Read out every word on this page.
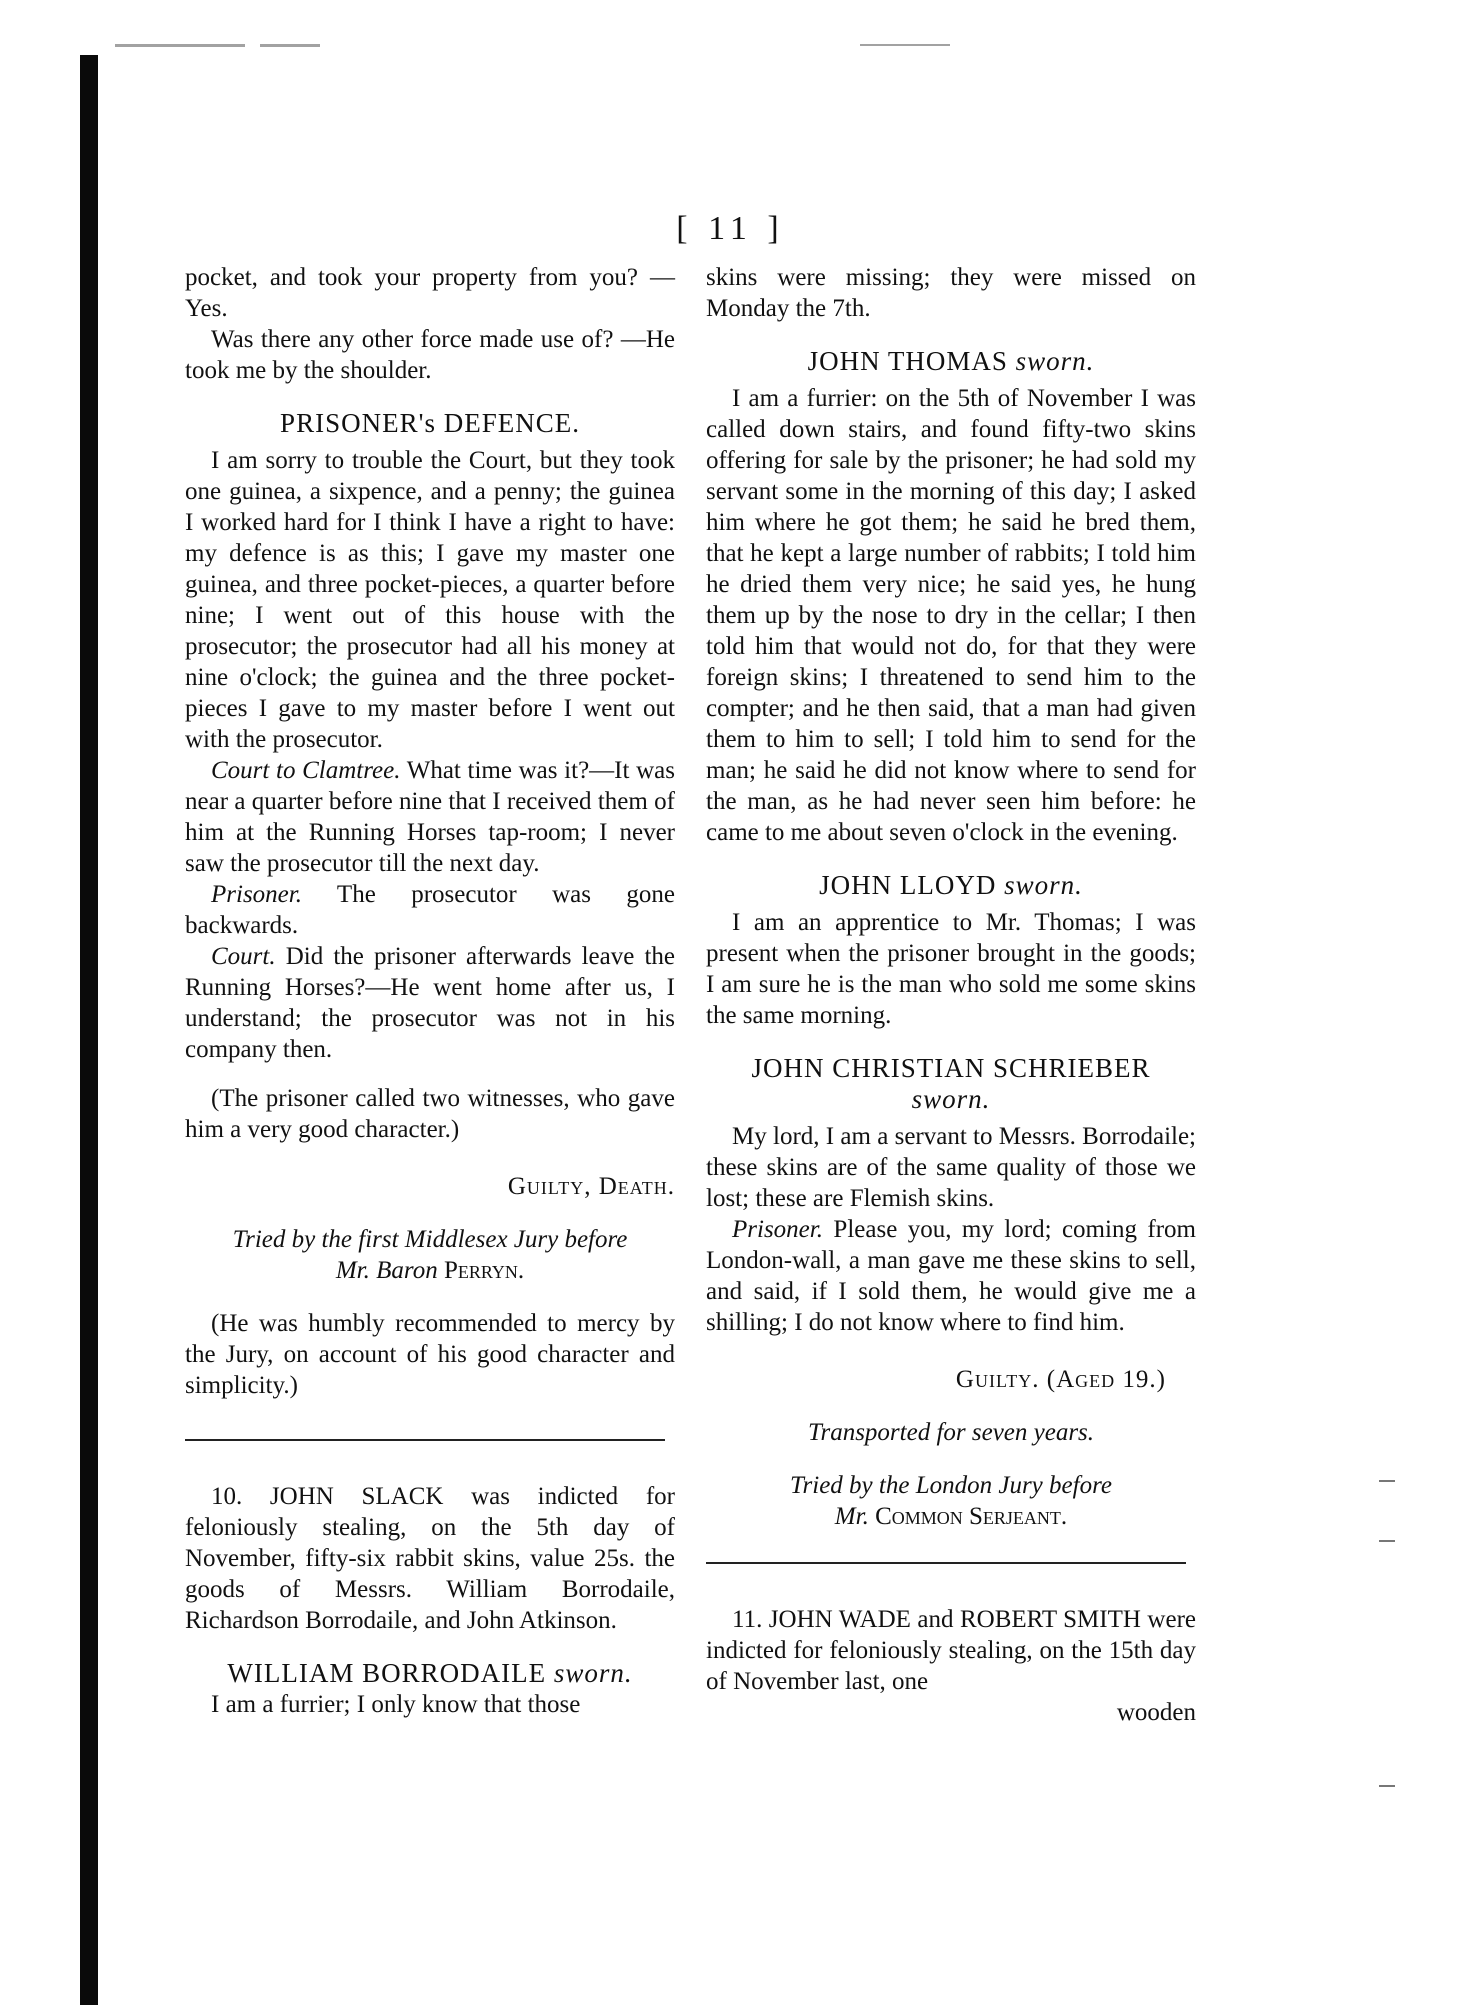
[ 11 ]

pocket, and took your property from you? —Yes.

Was there any other force made use of? —He took me by the shoulder.

PRISONER's DEFENCE.

I am sorry to trouble the Court, but they took one guinea, a sixpence, and a penny; the guinea I worked hard for I think I have a right to have: my defence is as this; I gave my master one guinea, and three pocket-pieces, a quarter before nine; I went out of this house with the prosecutor; the prosecutor had all his money at nine o'clock; the guinea and the three pocket-pieces I gave to my master before I went out with the prosecutor.

Court to Clamtree. What time was it?—It was near a quarter before nine that I received them of him at the Running Horses tap-room; I never saw the prosecutor till the next day.

Prisoner. The prosecutor was gone backwards.

Court. Did the prisoner afterwards leave the Running Horses?—He went home after us, I understand; the prosecutor was not in his company then.

(The prisoner called two witnesses, who gave him a very good character.)

Guilty, Death.

Tried by the first Middlesex Jury before
Mr. Baron Perryn.

(He was humbly recommended to mercy by the Jury, on account of his good character and simplicity.)

10. JOHN SLACK was indicted for feloniously stealing, on the 5th day of November, fifty-six rabbit skins, value 25s. the goods of Messrs. William Borrodaile, Richardson Borrodaile, and John Atkinson.

WILLIAM BORRODAILE sworn.

I am a furrier; I only know that those

skins were missing; they were missed on Monday the 7th.

JOHN THOMAS sworn.

I am a furrier: on the 5th of November I was called down stairs, and found fifty-two skins offering for sale by the prisoner; he had sold my servant some in the morning of this day; I asked him where he got them; he said he bred them, that he kept a large number of rabbits; I told him he dried them very nice; he said yes, he hung them up by the nose to dry in the cellar; I then told him that would not do, for that they were foreign skins; I threatened to send him to the compter; and he then said, that a man had given them to him to sell; I told him to send for the man; he said he did not know where to send for the man, as he had never seen him before: he came to me about seven o'clock in the evening.

JOHN LLOYD sworn.

I am an apprentice to Mr. Thomas; I was present when the prisoner brought in the goods; I am sure he is the man who sold me some skins the same morning.

JOHN CHRISTIAN SCHRIEBER
sworn.

My lord, I am a servant to Messrs. Borrodaile; these skins are of the same quality of those we lost; these are Flemish skins.

Prisoner. Please you, my lord; coming from London-wall, a man gave me these skins to sell, and said, if I sold them, he would give me a shilling; I do not know where to find him.

Guilty. (Aged 19.)

Transported for seven years.

Tried by the London Jury before
Mr. Common Serjeant.

11. JOHN WADE and ROBERT SMITH were indicted for feloniously stealing, on the 15th day of November last, one

wooden
